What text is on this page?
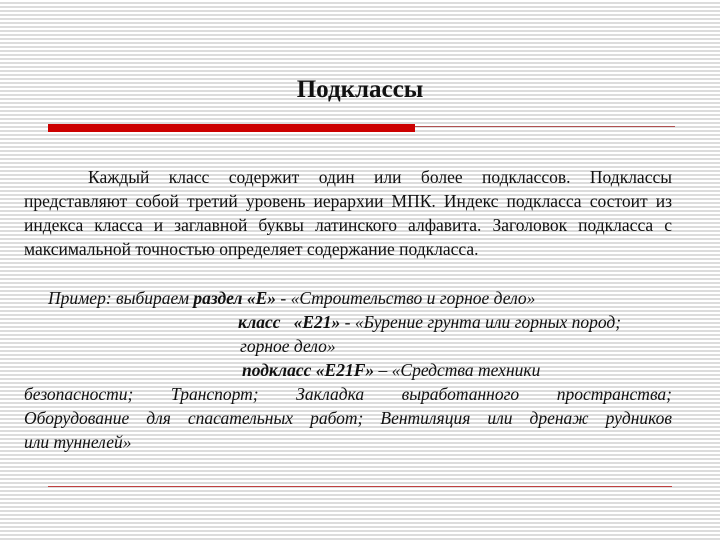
Подклассы
Каждый класс содержит один или более подклассов. Подклассы представляют собой третий уровень иерархии МПК. Индекс подкласса состоит из индекса класса и заглавной буквы латинского алфавита. Заголовок подкласса с максимальной точностью определяет содержание подкласса.
Пример: выбираем раздел «Е» - «Строительство и горное дело»
класс   «Е21» - «Бурение грунта или горных пород;
горное дело»
подкласс «Е21F» – «Средства техники
безопасности; Транспорт; Закладка выработанного пространства;
Оборудование для спасательных работ; Вентиляция или дренаж рудников
или туннелей»
